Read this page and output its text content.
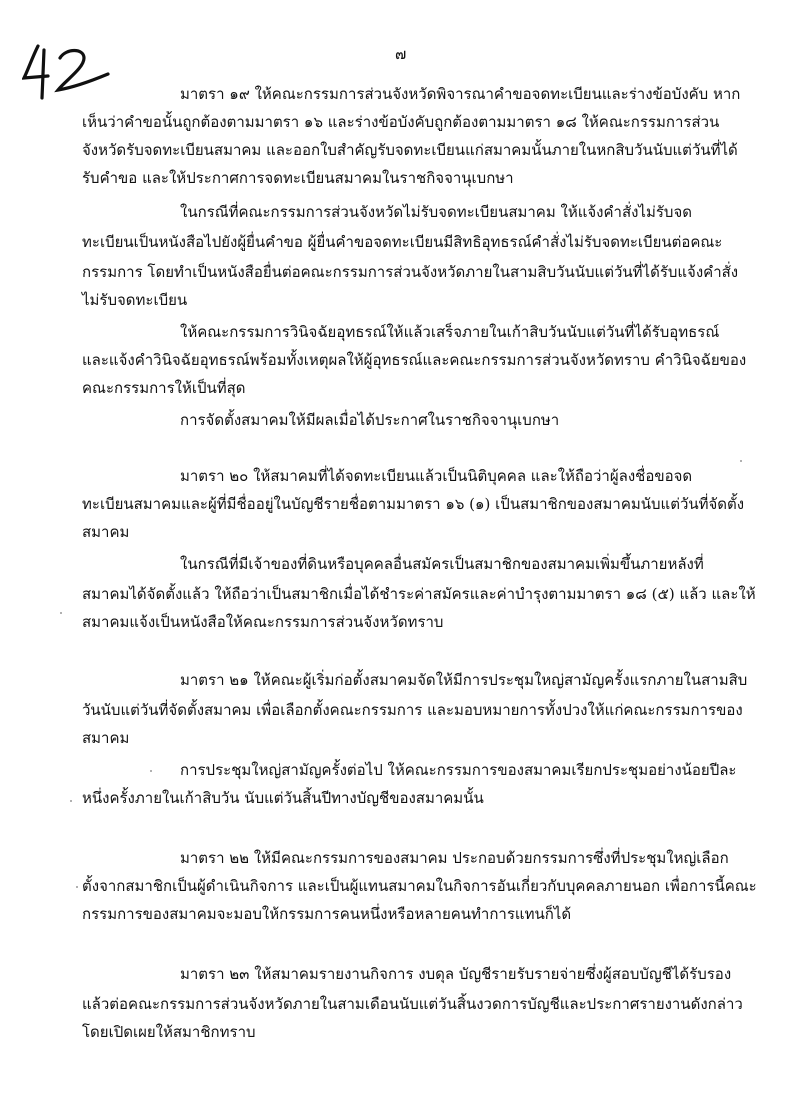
๗
มาตรา ๑๙ ให้คณะกรรมการส่วนจังหวัดพิจารณาคำขอจดทะเบียนและร่างข้อบังคับ หาก
เห็นว่าคำขอนั้นถูกต้องตามมาตรา ๑๖ และร่างข้อบังคับถูกต้องตามมาตรา ๑๘ ให้คณะกรรมการส่วน
จังหวัดรับจดทะเบียนสมาคม และออกใบสำคัญรับจดทะเบียนแก่สมาคมนั้นภายในหกสิบวันนับแต่วันที่ได้
รับคำขอ และให้ประกาศการจดทะเบียนสมาคมในราชกิจจานุเบกษา
ในกรณีที่คณะกรรมการส่วนจังหวัดไม่รับจดทะเบียนสมาคม ให้แจ้งคำสั่งไม่รับจด
ทะเบียนเป็นหนังสือไปยังผู้ยื่นคำขอ ผู้ยื่นคำขอจดทะเบียนมีสิทธิอุทธรณ์คำสั่งไม่รับจดทะเบียนต่อคณะ
กรรมการ โดยทำเป็นหนังสือยื่นต่อคณะกรรมการส่วนจังหวัดภายในสามสิบวันนับแต่วันที่ได้รับแจ้งคำสั่ง
ไม่รับจดทะเบียน
ให้คณะกรรมการวินิจฉัยอุทธรณ์ให้แล้วเสร็จภายในเก้าสิบวันนับแต่วันที่ได้รับอุทธรณ์
และแจ้งคำวินิจฉัยอุทธรณ์พร้อมทั้งเหตุผลให้ผู้อุทธรณ์และคณะกรรมการส่วนจังหวัดทราบ คำวินิจฉัยของ
คณะกรรมการให้เป็นที่สุด
การจัดตั้งสมาคมให้มีผลเมื่อได้ประกาศในราชกิจจานุเบกษา
มาตรา ๒๐ ให้สมาคมที่ได้จดทะเบียนแล้วเป็นนิติบุคคล และให้ถือว่าผู้ลงชื่อขอจด
ทะเบียนสมาคมและผู้ที่มีชื่ออยู่ในบัญชีรายชื่อตามมาตรา ๑๖ (๑) เป็นสมาชิกของสมาคมนับแต่วันที่จัดตั้ง
สมาคม
ในกรณีที่มีเจ้าของที่ดินหรือบุคคลอื่นสมัครเป็นสมาชิกของสมาคมเพิ่มขึ้นภายหลังที่
สมาคมได้จัดตั้งแล้ว ให้ถือว่าเป็นสมาชิกเมื่อได้ชำระค่าสมัครและค่าบำรุงตามมาตรา ๑๘ (๕) แล้ว และให้
สมาคมแจ้งเป็นหนังสือให้คณะกรรมการส่วนจังหวัดทราบ
มาตรา ๒๑ ให้คณะผู้เริ่มก่อตั้งสมาคมจัดให้มีการประชุมใหญ่สามัญครั้งแรกภายในสามสิบ
วันนับแต่วันที่จัดตั้งสมาคม เพื่อเลือกตั้งคณะกรรมการ และมอบหมายการทั้งปวงให้แก่คณะกรรมการของ
สมาคม
การประชุมใหญ่สามัญครั้งต่อไป ให้คณะกรรมการของสมาคมเรียกประชุมอย่างน้อยปีละ
หนึ่งครั้งภายในเก้าสิบวัน นับแต่วันสิ้นปีทางบัญชีของสมาคมนั้น
มาตรา ๒๒ ให้มีคณะกรรมการของสมาคม ประกอบด้วยกรรมการซึ่งที่ประชุมใหญ่เลือก
ตั้งจากสมาชิกเป็นผู้ดำเนินกิจการ และเป็นผู้แทนสมาคมในกิจการอันเกี่ยวกับบุคคลภายนอก เพื่อการนี้คณะ
กรรมการของสมาคมจะมอบให้กรรมการคนหนึ่งหรือหลายคนทำการแทนก็ได้
มาตรา ๒๓ ให้สมาคมรายงานกิจการ งบดุล บัญชีรายรับรายจ่ายซึ่งผู้สอบบัญชีได้รับรอง
แล้วต่อคณะกรรมการส่วนจังหวัดภายในสามเดือนนับแต่วันสิ้นงวดการบัญชีและประกาศรายงานดังกล่าว
โดยเปิดเผยให้สมาชิกทราบ
